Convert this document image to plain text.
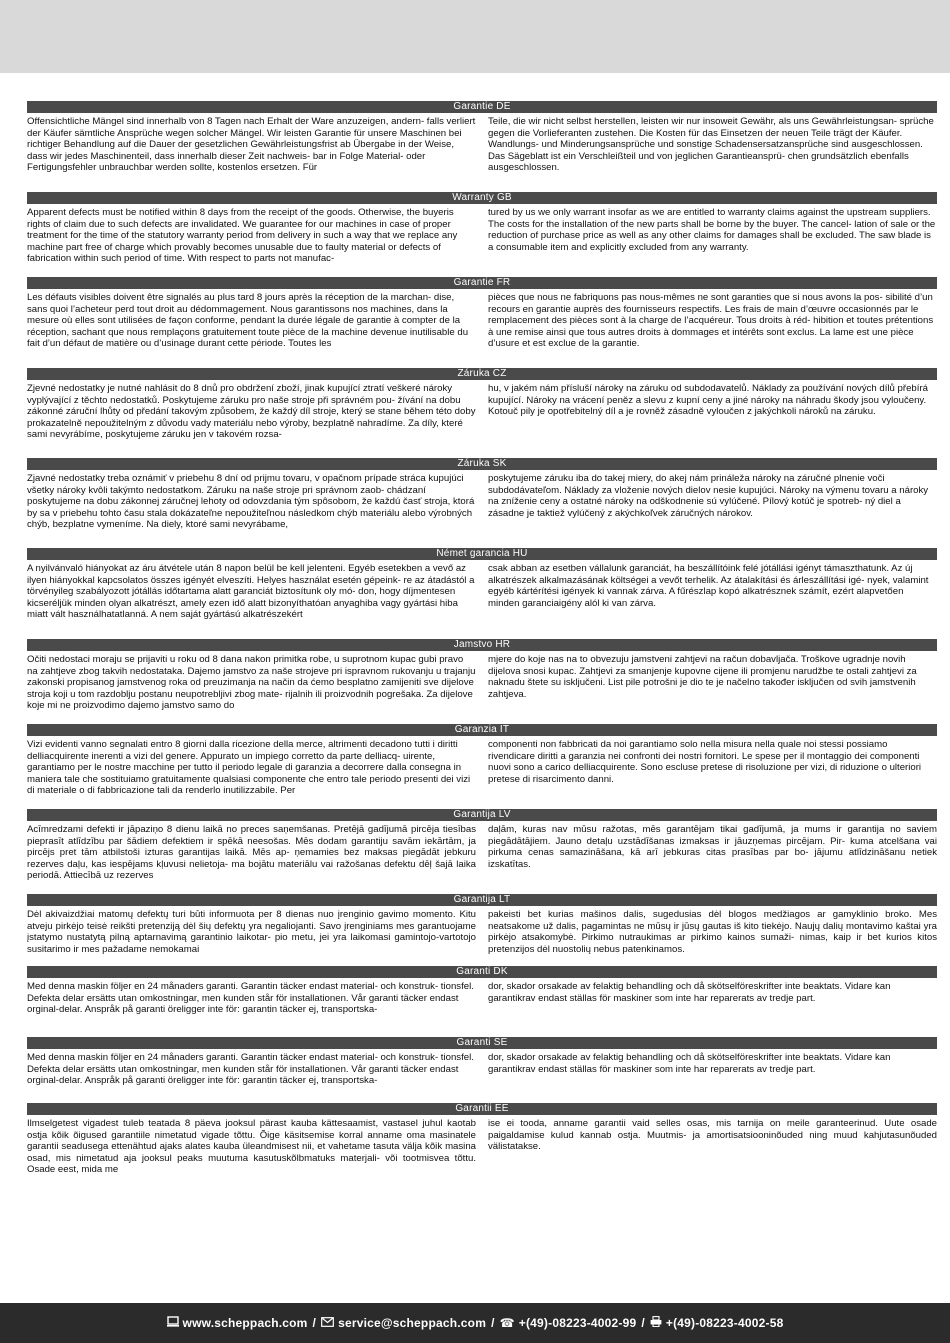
Garantie DE
Offensichtliche Mängel sind innerhalb von 8 Tagen nach Erhalt der Ware anzuzeigen, andern- falls verliert der Käufer sämtliche Ansprüche wegen solcher Mängel. Wir leisten Garantie für unsere Maschinen bei richtiger Behandlung auf die Dauer der gesetzlichen Gewährleistungsfrist ab Übergabe in der Weise, dass wir jedes Maschinenteil, dass innerhalb dieser Zeit nachweis- bar in Folge Material- oder Fertigungsfehler unbrauchbar werden sollte, kostenlos ersetzen. Für
Teile, die wir nicht selbst herstellen, leisten wir nur insoweit Gewähr, als uns Gewährleistungsan- sprüche gegen die Vorlieferanten zustehen. Die Kosten für das Einsetzen der neuen Teile trägt der Käufer. Wandlungs- und Minderungsansprüche und sonstige Schadensersatzansprüche sind ausgeschlossen. Das Sägeblatt ist ein Verschleißteil und von jeglichen Garantieansprü- chen grundsätzlich ebenfalls ausgeschlossen.
Warranty GB
Apparent defects must be notified within 8 days from the receipt of the goods. Otherwise, the buyeris rights of claim due to such defects are invalidated. We guarantee for our machines in case of proper treatment for the time of the statutory warranty period from delivery in such a way that we replace any machine part free of charge which provably becomes unusable due to faulty material or defects of fabrication within such period of time. With respect to parts not manufac-
tured by us we only warrant insofar as we are entitled to warranty claims against the upstream suppliers. The costs for the installation of the new parts shall be borne by the buyer. The cancel- lation of sale or the reduction of purchase price as well as any other claims for damages shall be excluded. The saw blade is a consumable item and explicitly excluded from any warranty.
Garantie FR
Les défauts visibles doivent être signalés au plus tard 8 jours après la réception de la marchan- dise, sans quoi l’acheteur perd tout droit au dédommagement. Nous garantissons nos machines, dans la mesure où elles sont utilisées de façon conforme, pendant la durée légale de garantie à compter de la réception, sachant que nous remplaçons gratuitement toute pièce de la machine devenue inutilisable du fait d’un défaut de matière ou d’usinage durant cette période. Toutes les
pièces que nous ne fabriquons pas nous-mêmes ne sont garanties que si nous avons la pos- sibilité d’un recours en garantie auprès des fournisseurs respectifs. Les frais de main d’œuvre occasionnés par le remplacement des pièces sont à la charge de l’acquéreur. Tous droits à réd- hibition et toutes prétentions à une remise ainsi que tous autres droits à dommages et intérêts sont exclus. La lame est une pièce d’usure et est exclue de la garantie.
Záruka CZ
Zjevné nedostatky je nutné nahlásit do 8 dnů pro obdržení zboží, jinak kupující ztratí veškeré nároky vyplývající z těchto nedostatků. Poskytujeme záruku pro naše stroje při správném pou- žívání na dobu zákonné záruční lhůty od předání takovým způsobem, že každý díl stroje, který se stane během této doby prokazatelně nepoužitelným z důvodu vady materiálu nebo výroby, bezplatně nahradíme. Za díly, které sami nevyrábíme, poskytujeme záruku jen v takovém rozsa-
hu, v jakém nám přísluší nároky na záruku od subdodavatelů. Náklady za používání nových dílů přebírá kupující. Nároky na vrácení peněz a slevu z kupní ceny a jiné nároky na náhradu škody jsou vyloučeny. Kotouč pily je opotřebitelný díl a je rovněž zásadně vyloučen z jakýchkoli nároků na záruku.
Záruka SK
Zjavné nedostatky treba oznámiť v priebehu 8 dní od prijmu tovaru, v opačnom prípade stráca kupujúci všetky nároky kvôli takýmto nedostatkom. Záruku na naše stroje pri správnom zaob- chádzaní poskytujeme na dobu zákonnej záručnej lehoty od odovzdania tým spôsobom, že každú časť stroja, ktorá by sa v priebehu tohto času stala dokázateľne nepoužiteľnou následkom chýb materiálu alebo výrobných chýb, bezplatne vymeníme. Na diely, ktoré sami nevyrábame,
poskytujeme záruku iba do takej miery, do akej nám prináleža nároky na záručné plnenie voči subdodávateľom. Náklady za vloženie nových dielov nesie kupujúci. Nároky na výmenu tovaru a nároky na zníženie ceny a ostatné nároky na odškodnenie sú vylúčené. Pílový kotúč je spotreb- ný diel a zásadne je taktiež vylúčený z akýchkoľvek záručných nárokov.
Német garancia HU
A nyilvánvaló hiányokat az áru átvétele után 8 napon belül be kell jelenteni. Egyéb esetekben a vevő az ilyen hiányokkal kapcsolatos összes igényét elveszíti. Helyes használat esetén gépeink- re az átadástól a törvényileg szabályozott jótállás időtartama alatt garanciát biztosítunk oly mó- don, hogy díjmentesen kicseréljük minden olyan alkatrészt, amely ezen idő alatt bizonyíthatóan anyaghiba vagy gyártási hiba miatt vált használhatatlanná. A nem saját gyártású alkatrészekért
csak abban az esetben vállalunk garanciát, ha beszállítóink felé jótállási igényt támaszthatunk. Az új alkatrészek alkalmazásának költségei a vevőt terhelik. Az átalakítási és árleszállítási igé- nyek, valamint egyéb kártérítési igények ki vannak zárva. A fűrészlap kopó alkatrésznek számít, ezért alapvetően minden garanciaigény alól ki van zárva.
Jamstvo HR
Očiti nedostaci moraju se prijaviti u roku od 8 dana nakon primitka robe, u suprotnom kupac gubi pravo na zahtjeve zbog takvih nedostataka. Dajemo jamstvo za naše strojeve pri ispravnom rukovanju u trajanju zakonski propisanog jamstvenog roka od preuzimanja na način da ćemo besplatno zamijeniti sve dijelove stroja koji u tom razdoblju postanu neupotrebljivi zbog mate- rijalnih ili proizvodnih pogrešaka. Za dijelove koje mi ne proizvodimo dajemo jamstvo samo do
mjere do koje nas na to obvezuju jamstveni zahtjevi na račun dobavljača. Troškove ugradnje novih dijelova snosi kupac. Zahtjevi za smanjenje kupovne cijene ili promjenu narudžbe te ostali zahtjevi za naknadu štete su isključeni. List pile potrošni je dio te je načelno također isključen od svih jamstvenih zahtjeva.
Garanzia IT
Vizi evidenti vanno segnalati entro 8 giorni dalla ricezione della merce, altrimenti decadono tutti i diritti delliacquirente inerenti a vizi del genere. Appurato un impiego corretto da parte delliacq- uirente, garantiamo per le nostre macchine per tutto il periodo legale di garanzia a decorrere dalla consegna in maniera tale che sostituiamo gratuitamente qualsiasi componente che entro tale periodo presenti dei vizi di materiale o di fabbricazione tali da renderlo inutilizzabile. Per
componenti non fabbricati da noi garantiamo solo nella misura nella quale noi stessi possiamo rivendicare diritti a garanzia nei confronti dei nostri fornitori. Le spese per il montaggio dei componenti nuovi sono a carico delliacquirente. Sono escluse pretese di risoluzione per vizi, di riduzione o ulteriori pretese di risarcimento danni.
Garantija LV
Acīmredzami defekti ir jāpaziņo 8 dienu laikā no preces saņemšanas. Pretējā gadījumā pircēja tiesības pieprasīt atlīdzību par šādiem defektiem ir spēkā neesošas. Mēs dodam garantiju savām iekārtām, ja pircējs pret tām atbilstoši izturas garantijas laikā. Mēs ap- ņemamies bez maksas piegādāt jebkuru rezerves daļu, kas iespējams kļuvusi nelietoja- ma bojātu materiālu vai ražošanas defektu dēļ šajā laika periodā. Attiecībā uz rezerves
daļām, kuras nav mūsu ražotas, mēs garantējam tikai gadījumā, ja mums ir garantija no saviem piegādātājiem. Jauno detaļu uzstādīšanas izmaksas ir jāuzņemas pircējam. Pir- kuma atcelšana vai pirkuma cenas samazināšana, kā arī jebkuras citas prasības par bo- jājumu atlīdzināšanu netiek izskatītas.
Garantija LT
Dėl akivaizdžiai matomų defektų turi būti informuota per 8 dienas nuo įrenginio gavimo momento. Kitu atveju pirkėjo teisė reikšti pretenziją dėl šių defektų yra negaliojanti. Savo įrenginiams mes garantuojame įstatymo nustatytą pilną aptarnavimą garantinio laikotar- pio metu, jei yra laikomasi gamintojo-vartotojo susitarimo ir mes pažadame nemokamai
pakeisti bet kurias mašinos dalis, sugedusias dėl blogos medžiagos ar gamyklinio broko. Mes neatsakome už dalis, pagamintas ne mūsų ir jūsų gautas iš kito tiekėjo. Naujų dalių montavimo kaštai yra pirkėjo atsakomybė. Pirkimo nutraukimas ar pirkimo kainos sumaži- nimas, kaip ir bet kurios kitos pretenzijos dėl nuostolių nebus patenkinamos.
Garanti DK
Med denna maskin följer en 24 månaders garanti. Garantin täcker endast material- och konstruk- tionsfel. Defekta delar ersätts utan omkostningar, men kunden står för installationen. Vår garanti täcker endast orginal-delar. Anspråk på garanti öreligger inte för: garantin täcker ej, transportska-
dor, skador orsakade av felaktig behandling och då skötselföreskrifter inte beaktats. Vidare kan garantikrav endast ställas för maskiner som inte har reparerats av tredje part.
Garanti SE
Med denna maskin följer en 24 månaders garanti. Garantin täcker endast material- och konstruk- tionsfel. Defekta delar ersätts utan omkostningar, men kunden står för installationen. Vår garanti täcker endast orginal-delar. Anspråk på garanti öreligger inte för: garantin täcker ej, transportska-
dor, skador orsakade av felaktig behandling och då skötselföreskrifter inte beaktats. Vidare kan garantikrav endast ställas för maskiner som inte har reparerats av tredje part.
Garantii EE
Ilmselgetest vigadest tuleb teatada 8 päeva jooksul pärast kauba kättesaamist, vastasel juhul kaotab ostja kõik õigused garantiile nimetatud vigade tõttu. Õige käsitsemise korral anname oma masinatele garantii seadusega ettenähtud ajaks alates kauba üleandmisest nii, et vahetame tasuta välja kõik masina osad, mis nimetatud aja jooksul peaks muutuma kasutuskõlbmatuks materjali- või tootmisvea tõttu. Osade eest, mida me
ise ei tooda, anname garantii vaid selles osas, mis tarnija on meile garanteerinud. Uute osade paigaldamise kulud kannab ostja. Muutmis- ja amortisatsiooninõuded ning muud kahjutasunõuded välistatakse.
www.scheppach.com / service@scheppach.com / ☎ +(49)-08223-4002-99 / +(49)-08223-4002-58
